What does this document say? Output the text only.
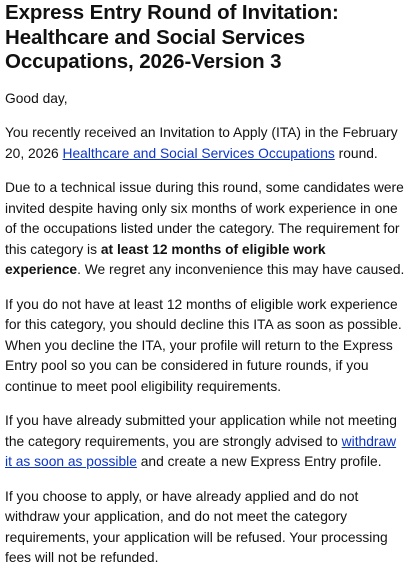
Express Entry Round of Invitation: Healthcare and Social Services Occupations, 2026-Version 3

Good day,

You recently received an Invitation to Apply (ITA) in the February 20, 2026 Healthcare and Social Services Occupations round.

Due to a technical issue during this round, some candidates were invited despite having only six months of work experience in one of the occupations listed under the category. The requirement for this category is at least 12 months of eligible work experience. We regret any inconvenience this may have caused.

If you do not have at least 12 months of eligible work experience for this category, you should decline this ITA as soon as possible. When you decline the ITA, your profile will return to the Express Entry pool so you can be considered in future rounds, if you continue to meet pool eligibility requirements.

If you have already submitted your application while not meeting the category requirements, you are strongly advised to withdraw it as soon as possible and create a new Express Entry profile.

If you choose to apply, or have already applied and do not withdraw your application, and do not meet the category requirements, your application will be refused. Your processing fees will not be refunded.
